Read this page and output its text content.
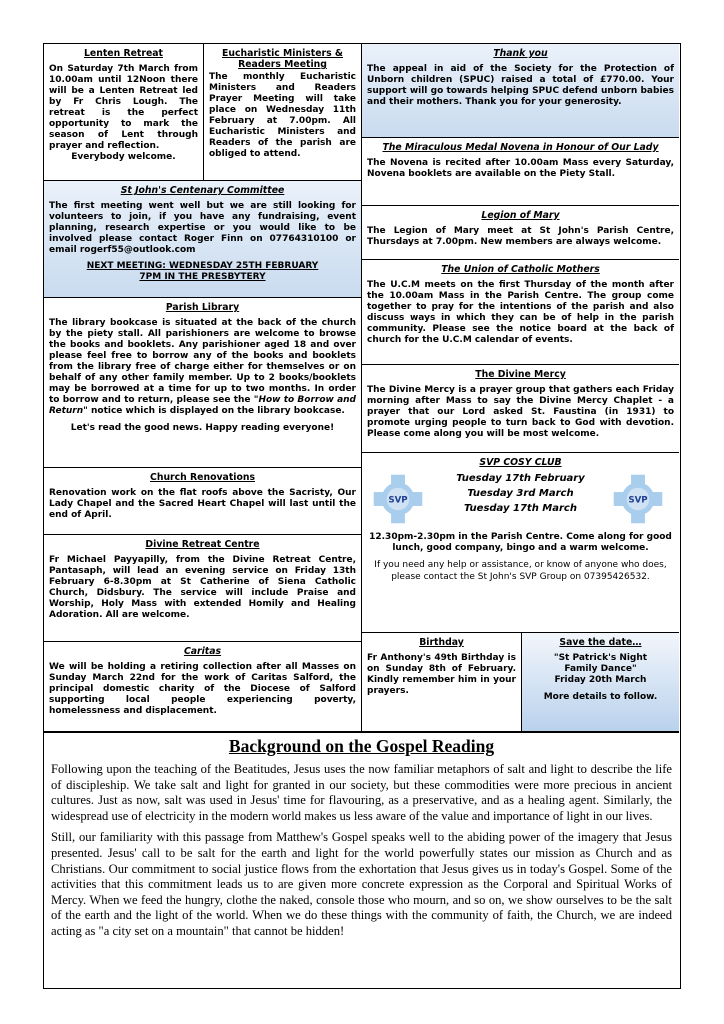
Lenten Retreat
On Saturday 7th March from 10.00am until 12Noon there will be a Lenten Retreat led by Fr Chris Lough. The retreat is the perfect opportunity to mark the season of Lent through prayer and reflection.
Everybody welcome.
Eucharistic Ministers & Readers Meeting
The monthly Eucharistic Ministers and Readers Prayer Meeting will take place on Wednesday 11th February at 7.00pm. All Eucharistic Ministers and Readers of the parish are obliged to attend.
St John's Centenary Committee
The first meeting went well but we are still looking for volunteers to join, if you have any fundraising, event planning, research expertise or you would like to be involved please contact Roger Finn on 07764310100 or email rogerf55@outlook.com
NEXT MEETING: WEDNESDAY 25TH FEBRUARY
7PM IN THE PRESBYTERY
Parish Library
The library bookcase is situated at the back of the church by the piety stall. All parishioners are welcome to browse the books and booklets. Any parishioner aged 18 and over please feel free to borrow any of the books and booklets from the library free of charge either for themselves or on behalf of any other family member. Up to 2 books/booklets may be borrowed at a time for up to two months. In order to borrow and to return, please see the "How to Borrow and Return" notice which is displayed on the library bookcase.
Let's read the good news. Happy reading everyone!
Church Renovations
Renovation work on the flat roofs above the Sacristy, Our Lady Chapel and the Sacred Heart Chapel will last until the end of April.
Divine Retreat Centre
Fr Michael Payyapilly, from the Divine Retreat Centre, Pantasaph, will lead an evening service on Friday 13th February 6-8.30pm at St Catherine of Siena Catholic Church, Didsbury. The service will include Praise and Worship, Holy Mass with extended Homily and Healing Adoration. All are welcome.
Caritas
We will be holding a retiring collection after all Masses on Sunday March 22nd for the work of Caritas Salford, the principal domestic charity of the Diocese of Salford supporting local people experiencing poverty, homelessness and displacement.
Thank you
The appeal in aid of the Society for the Protection of Unborn children (SPUC) raised a total of £770.00. Your support will go towards helping SPUC defend unborn babies and their mothers. Thank you for your generosity.
The Miraculous Medal Novena in Honour of Our Lady
The Novena is recited after 10.00am Mass every Saturday, Novena booklets are available on the Piety Stall.
Legion of Mary
The Legion of Mary meet at St John's Parish Centre, Thursdays at 7.00pm. New members are always welcome.
The Union of Catholic Mothers
The U.C.M meets on the first Thursday of the month after the 10.00am Mass in the Parish Centre. The group come together to pray for the intentions of the parish and also discuss ways in which they can be of help in the parish community. Please see the notice board at the back of church for the U.C.M calendar of events.
The Divine Mercy
The Divine Mercy is a prayer group that gathers each Friday morning after Mass to say the Divine Mercy Chaplet - a prayer that our Lord asked St. Faustina (in 1931) to promote urging people to turn back to God with devotion. Please come along you will be most welcome.
SVP COSY CLUB
Tuesday 17th February
Tuesday 3rd March
Tuesday 17th March
12.30pm-2.30pm in the Parish Centre. Come along for good lunch, good company, bingo and a warm welcome.
If you need any help or assistance, or know of anyone who does, please contact the St John's SVP Group on 07395426532.
SVP	SVP
Birthday
Fr Anthony's 49th Birthday is on Sunday 8th of February. Kindly remember him in your prayers.
Save the date…
"St Patrick's Night
Family Dance"
Friday 20th March
More details to follow.
Background on the Gospel Reading

Following upon the teaching of the Beatitudes, Jesus uses the now familiar metaphors of salt and light to describe the life of discipleship. We take salt and light for granted in our society, but these commodities were more precious in ancient cultures. Just as now, salt was used in Jesus' time for flavouring, as a preservative, and as a healing agent. Similarly, the widespread use of electricity in the modern world makes us less aware of the value and importance of light in our lives.

Still, our familiarity with this passage from Matthew's Gospel speaks well to the abiding power of the imagery that Jesus presented. Jesus' call to be salt for the earth and light for the world powerfully states our mission as Church and as Christians. Our commitment to social justice flows from the exhortation that Jesus gives us in today's Gospel. Some of the activities that this commitment leads us to are given more concrete expression as the Corporal and Spiritual Works of Mercy. When we feed the hungry, clothe the naked, console those who mourn, and so on, we show ourselves to be the salt of the earth and the light of the world. When we do these things with the community of faith, the Church, we are indeed acting as "a city set on a mountain" that cannot be hidden!
